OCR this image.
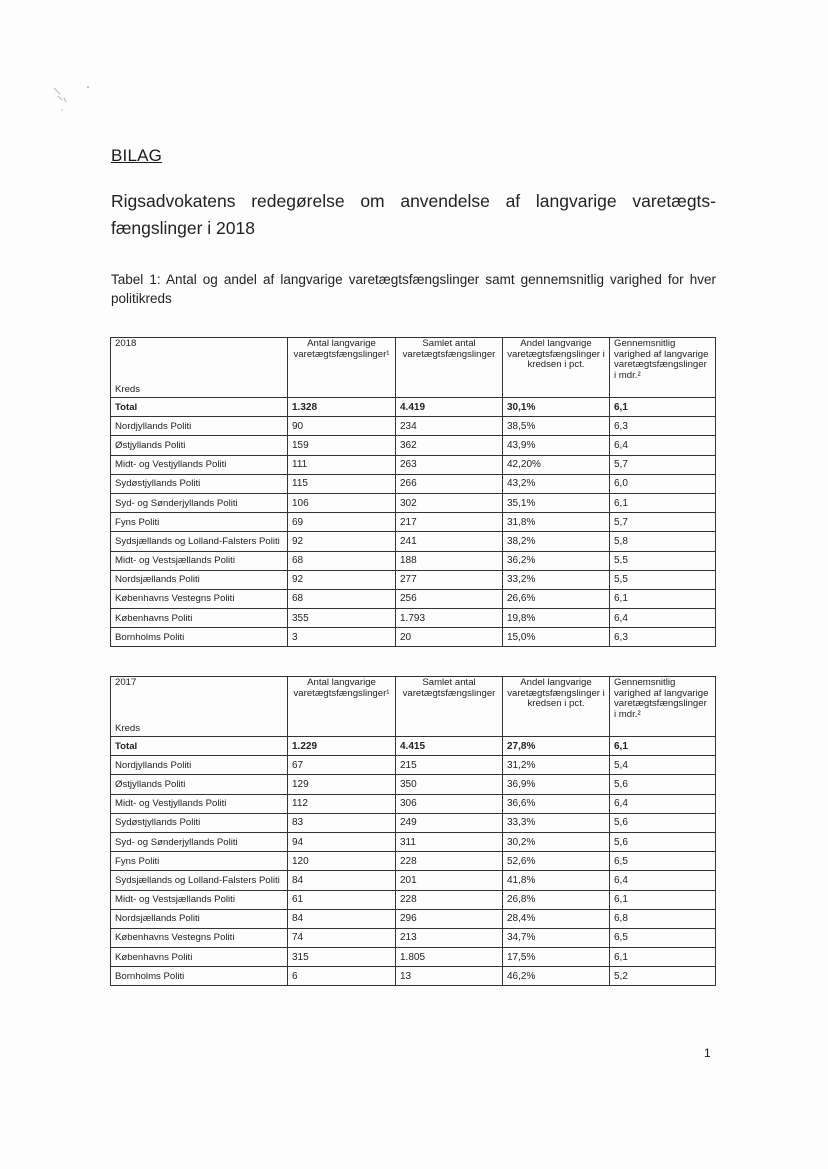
BILAG
Rigsadvokatens redegørelse om anvendelse af langvarige varetægts-fængslinger i 2018
Tabel 1: Antal og andel af langvarige varetægtsfængslinger samt gennemsnitlig varighed for hver politikreds
2018
Kreds	Antal langvarige varetægtsfængslinger¹	Samlet antal varetægtsfængslinger	Andel langvarige varetægtsfængslinger i kredsen i pct.	Gennemsnitlig varighed af langvarige varetægtsfængslinger i mdr.²
Total	1.328	4.419	30,1%	6,1
Nordjyllands Politi	90	234	38,5%	6,3
Østjyllands Politi	159	362	43,9%	6,4
Midt- og Vestjyllands Politi	111	263	42,20%	5,7
Sydøstjyllands Politi	115	266	43,2%	6,0
Syd- og Sønderjyllands Politi	106	302	35,1%	6,1
Fyns Politi	69	217	31,8%	5,7
Sydsjællands og Lolland-Falsters Politi	92	241	38,2%	5,8
Midt- og Vestsjællands Politi	68	188	36,2%	5,5
Nordsjællands Politi	92	277	33,2%	5,5
Københavns Vestegns Politi	68	256	26,6%	6,1
Københavns Politi	355	1.793	19,8%	6,4
Bornholms Politi	3	20	15,0%	6,3
2017
Kreds	Antal langvarige varetægtsfængslinger¹	Samlet antal varetægtsfængslinger	Andel langvarige varetægtsfængslinger i kredsen i pct.	Gennemsnitlig varighed af langvarige varetægtsfængslinger i mdr.²
Total	1.229	4.415	27,8%	6,1
Nordjyllands Politi	67	215	31,2%	5,4
Østjyllands Politi	129	350	36,9%	5,6
Midt- og Vestjyllands Politi	112	306	36,6%	6,4
Sydøstjyllands Politi	83	249	33,3%	5,6
Syd- og Sønderjyllands Politi	94	311	30,2%	5,6
Fyns Politi	120	228	52,6%	6,5
Sydsjællands og Lolland-Falsters Politi	84	201	41,8%	6,4
Midt- og Vestsjællands Politi	61	228	26,8%	6,1
Nordsjællands Politi	84	296	28,4%	6,8
Københavns Vestegns Politi	74	213	34,7%	6,5
Københavns Politi	315	1.805	17,5%	6,1
Bornholms Politi	6	13	46,2%	5,2
1
